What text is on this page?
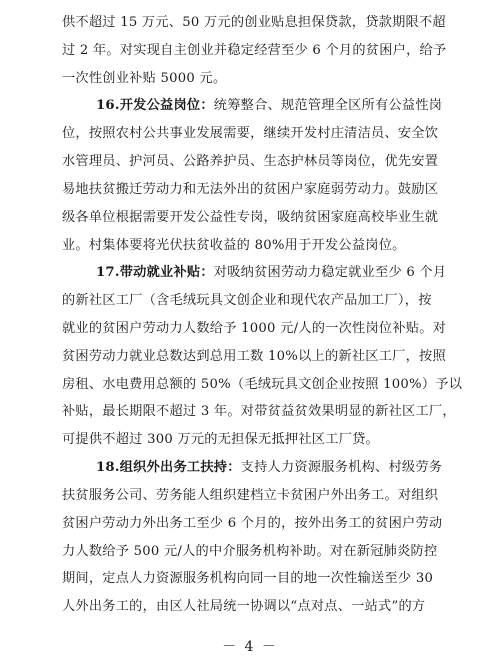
供不超过 15 万元、50 万元的创业贴息担保贷款，贷款期限不超
过 2 年。对实现自主创业并稳定经营至少 6 个月的贫困户，给予
一次性创业补贴 5000 元。
16.开发公益岗位：统筹整合、规范管理全区所有公益性岗
位，按照农村公共事业发展需要，继续开发村庄清洁员、安全饮
水管理员、护河员、公路养护员、生态护林员等岗位，优先安置
易地扶贫搬迁劳动力和无法外出的贫困户家庭弱劳动力。鼓励区
级各单位根据需要开发公益性专岗，吸纳贫困家庭高校毕业生就
业。村集体要将光伏扶贫收益的 80%用于开发公益岗位。
17.带动就业补贴：对吸纳贫困劳动力稳定就业至少 6 个月
的新社区工厂（含毛绒玩具文创企业和现代农产品加工厂），按
就业的贫困户劳动力人数给予 1000 元/人的一次性岗位补贴。对
贫困劳动力就业总数达到总用工数 10%以上的新社区工厂，按照
房租、水电费用总额的 50%（毛绒玩具文创企业按照 100%）予以
补贴，最长期限不超过 3 年。对带贫益贫效果明显的新社区工厂，
可提供不超过 300 万元的无担保无抵押社区工厂贷。
18.组织外出务工扶持：支持人力资源服务机构、村级劳务
扶贫服务公司、劳务能人组织建档立卡贫困户外出务工。对组织
贫困户劳动力外出务工至少 6 个月的，按外出务工的贫困户劳动
力人数给予 500 元/人的中介服务机构补助。对在新冠肺炎防控
期间，定点人力资源服务机构向同一目的地一次性输送至少 30
人外出务工的，由区人社局统一协调以“点对点、一站式”的方
－ 4 －
